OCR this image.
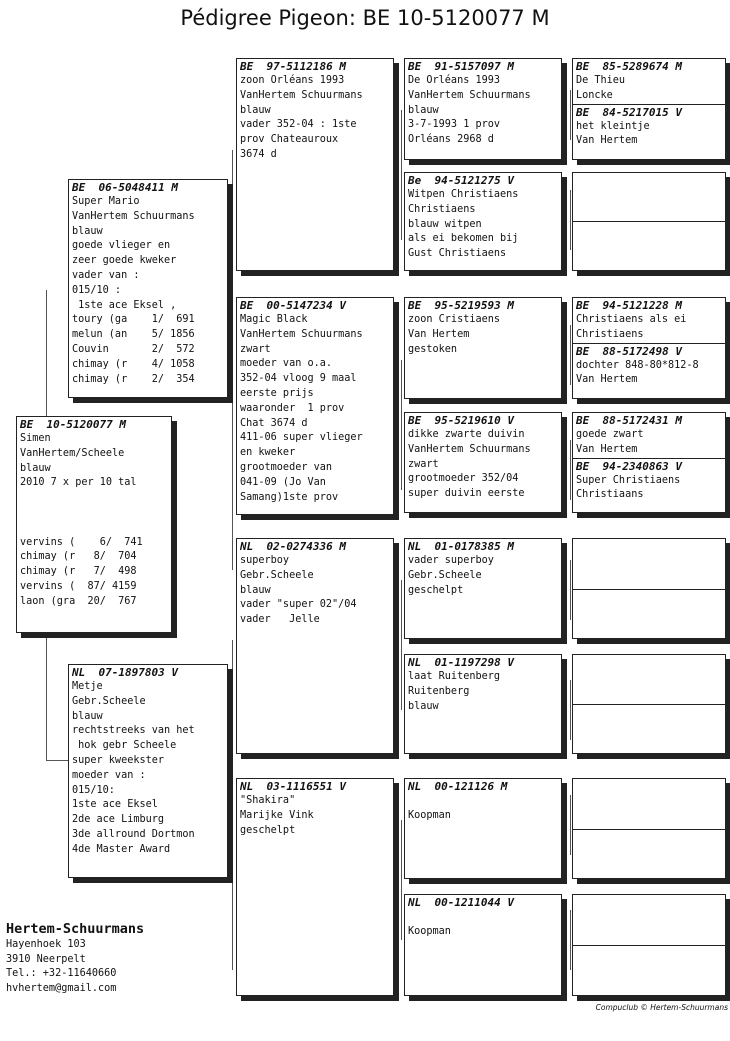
Pédigree Pigeon: BE 10-5120077 M
BE  10-5120077 M
Simen
VanHertem/Scheele
blauw
2010 7 x per 10 tal

vervins (    6/  741
chimay (r   8/  704
chimay (r   7/  498
vervins (  87/ 4159
laon (gra  20/  767
BE  06-5048411 M
Super Mario
VanHertem Schuurmans
blauw
goede vlieger en
zeer goede kweker
vader van :
015/10 :
1ste ace Eksel ,
toury (ga    1/  691
melun (an    5/ 1856
Couvin       2/  572
chimay (r    4/ 1058
chimay (r    2/  354
NL  07-1897803 V
Metje
Gebr.Scheele
blauw
rechtstreeks van het
hok gebr Scheele
super kweekster
moeder van :
015/10:
1ste ace Eksel
2de ace Limburg
3de allround Dortmon
4de Master Award
BE  97-5112186 M
zoon Orléans 1993
VanHertem Schuurmans
blauw
vader 352-04 : 1ste
prov Chateauroux
3674 d
BE  00-5147234 V
Magic Black
VanHertem Schuurmans
zwart
moeder van o.a.
352-04 vloog 9 maal
eerste prijs
waaronder  1 prov
Chat 3674 d
411-06 super vlieger
en kweker
grootmoeder van
041-09 (Jo Van
Samang)1ste prov
NL  02-0274336 M
superboy
Gebr.Scheele
blauw
vader "super 02"/04
vader   Jelle
NL  03-1116551 V
"Shakira"
Marijke Vink
geschelpt
BE  91-5157097 M
De Orléans 1993
VanHertem Schuurmans
blauw
3-7-1993 1 prov
Orléans 2968 d
Be  94-5121275 V
Witpen Christiaens
Christiaens
blauw witpen
als ei bekomen bij
Gust Christiaens
BE  95-5219593 M
zoon Cristiaens
Van Hertem
gestoken
BE  95-5219610 V
dikke zwarte duivin
VanHertem Schuurmans
zwart
grootmoeder 352/04
super duivin eerste
NL  01-0178385 M
vader superboy
Gebr.Scheele
geschelpt
NL  01-1197298 V
laat Ruitenberg
Ruitenberg
blauw
NL  00-121126 M

Koopman
NL  00-1211044 V

Koopman
BE  85-5289674 M
De Thieu
Loncke
BE  84-5217015 V
het kleintje
Van Hertem
BE  94-5121228 M
Christiaens als ei
Christiaens
BE  88-5172498 V
dochter 848-80*812-8
Van Hertem
BE  88-5172431 M
goede zwart
Van Hertem
BE  94-2340863 V
Super Christiaens
Christiaans
Hertem-Schuurmans
Hayenhoek 103
3910 Neerpelt
Tel.: +32-11640660
hvhertem@gmail.com
Compuclub © Hertem-Schuurmans
